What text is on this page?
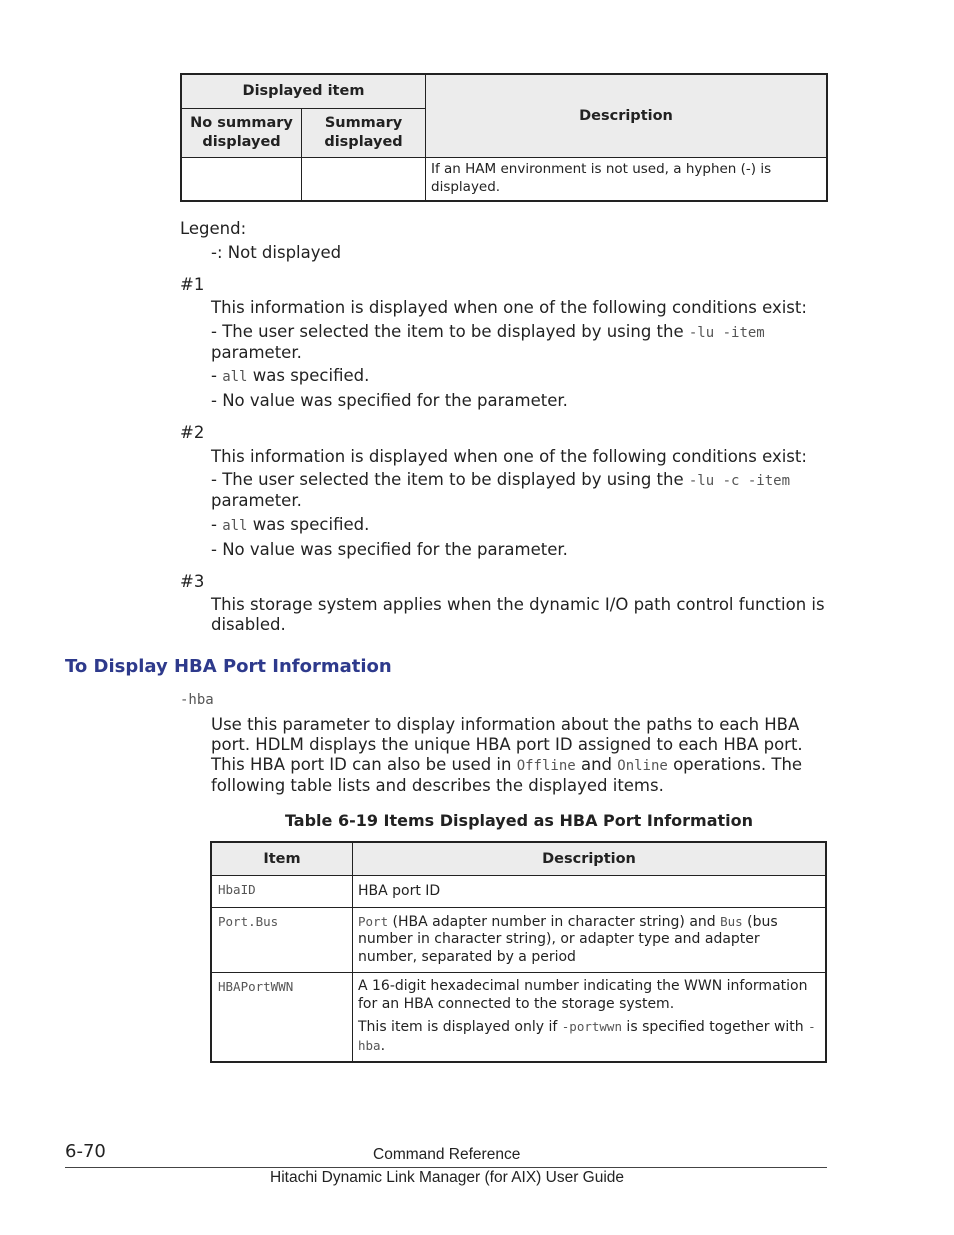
Displayed item		Description
No summary displayed	Summary displayed	
		If an HAM environment is not used, a hyphen (-) is displayed.
Legend:
-: Not displayed
#1
This information is displayed when one of the following conditions exist:
- The user selected the item to be displayed by using the -lu -item
parameter.
- all was specified.
- No value was specified for the parameter.
#2
This information is displayed when one of the following conditions exist:
- The user selected the item to be displayed by using the -lu -c -item
parameter.
- all was specified.
- No value was specified for the parameter.
#3
This storage system applies when the dynamic I/O path control function is disabled.
To Display HBA Port Information
-hba
Use this parameter to display information about the paths to each HBA port. HDLM displays the unique HBA port ID assigned to each HBA port. This HBA port ID can also be used in Offline and Online operations. The following table lists and describes the displayed items.
Table 6-19 Items Displayed as HBA Port Information
Item	Description
HbaID	HBA port ID
Port.Bus	Port (HBA adapter number in character string) and Bus (bus number in character string), or adapter type and adapter number, separated by a period
HBAPortWWN	A 16-digit hexadecimal number indicating the WWN information for an HBA connected to the storage system.
This item is displayed only if -portwwn is specified together with -hba.
6-70	Command Reference
Hitachi Dynamic Link Manager (for AIX) User Guide
